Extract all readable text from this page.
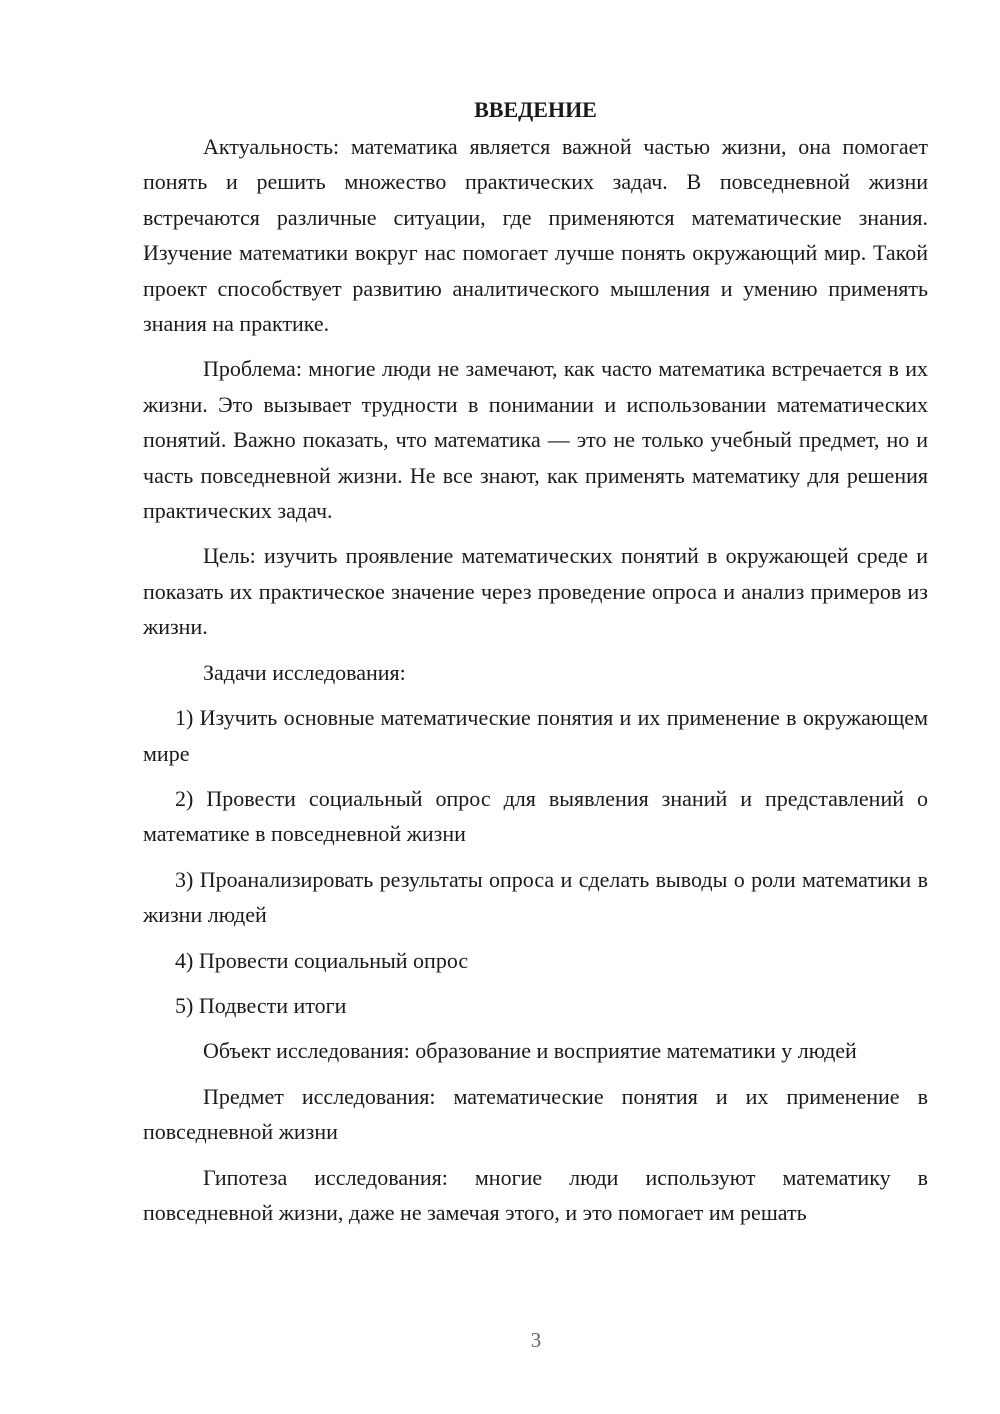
ВВЕДЕНИЕ

Актуальность: математика является важной частью жизни, она помогает понять и решить множество практических задач. В повседневной жизни встречаются различные ситуации, где применяются математические знания. Изучение математики вокруг нас помогает лучше понять окружающий мир. Такой проект способствует развитию аналитического мышления и умению применять знания на практике.

Проблема: многие люди не замечают, как часто математика встречается в их жизни. Это вызывает трудности в понимании и использовании математических понятий. Важно показать, что математика — это не только учебный предмет, но и часть повседневной жизни. Не все знают, как применять математику для решения практических задач.

Цель: изучить проявление математических понятий в окружающей среде и показать их практическое значение через проведение опроса и анализ примеров из жизни.

Задачи исследования:

1) Изучить основные математические понятия и их применение в окружающем мире

2) Провести социальный опрос для выявления знаний и представлений о математике в повседневной жизни

3) Проанализировать результаты опроса и сделать выводы о роли математики в жизни людей

4) Провести социальный опрос

5) Подвести итоги

Объект исследования: образование и восприятие математики у людей

Предмет исследования: математические понятия и их применение в повседневной жизни

Гипотеза исследования: многие люди используют математику в повседневной жизни, даже не замечая этого, и это помогает им решать

3
